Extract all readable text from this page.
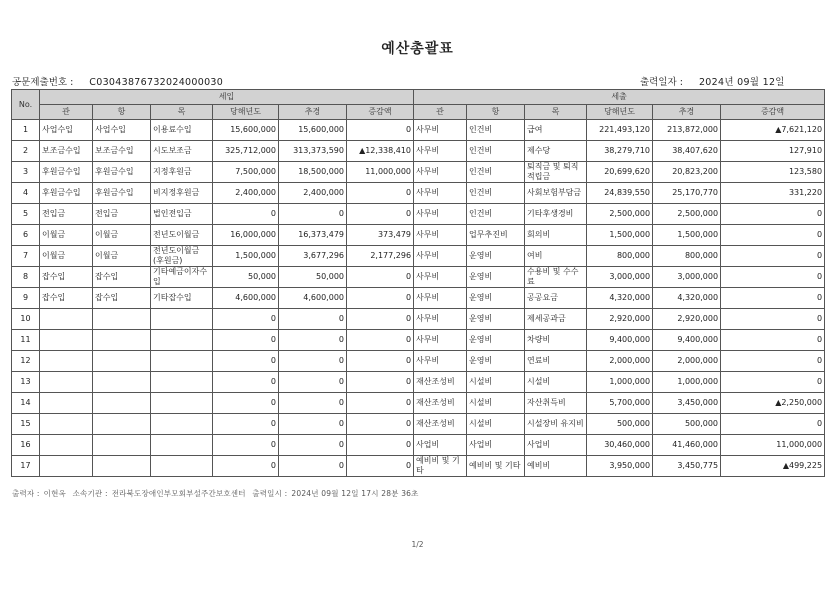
예산총괄표
공문제출번호 : C03043876732024000030	출력일자 : 2024년 09월 12일
No.	세입						세출					
	관	항	목	당해년도	추경	증감액	관	항	목	당해년도	추경	증감액
1	사업수입	사업수입	이용료수입	15,600,000	15,600,000	0	사무비	인건비	급여	221,493,120	213,872,000	▲7,621,120
2	보조금수입	보조금수입	시도보조금	325,712,000	313,373,590	▲12,338,410	사무비	인건비	제수당	38,279,710	38,407,620	127,910
3	후원금수입	후원금수입	지정후원금	7,500,000	18,500,000	11,000,000	사무비	인건비	퇴직금 및 퇴직적립금	20,699,620	20,823,200	123,580
4	후원금수입	후원금수입	비지정후원금	2,400,000	2,400,000	0	사무비	인건비	사회보험부담금	24,839,550	25,170,770	331,220
5	전입금	전입금	법인전입금	0	0	0	사무비	인건비	기타후생경비	2,500,000	2,500,000	0
6	이월금	이월금	전년도이월금	16,000,000	16,373,479	373,479	사무비	업무추진비	회의비	1,500,000	1,500,000	0
7	이월금	이월금	전년도이월금(후원금)	1,500,000	3,677,296	2,177,296	사무비	운영비	여비	800,000	800,000	0
8	잡수입	잡수입	기타예금이자수입	50,000	50,000	0	사무비	운영비	수용비 및 수수료	3,000,000	3,000,000	0
9	잡수입	잡수입	기타잡수입	4,600,000	4,600,000	0	사무비	운영비	공공요금	4,320,000	4,320,000	0
10				0	0	0	사무비	운영비	제세공과금	2,920,000	2,920,000	0
11				0	0	0	사무비	운영비	차량비	9,400,000	9,400,000	0
12				0	0	0	사무비	운영비	연료비	2,000,000	2,000,000	0
13				0	0	0	재산조성비	시설비	시설비	1,000,000	1,000,000	0
14				0	0	0	재산조성비	시설비	자산취득비	5,700,000	3,450,000	▲2,250,000
15				0	0	0	재산조성비	시설비	시설장비 유지비	500,000	500,000	0
16				0	0	0	사업비	사업비	사업비	30,460,000	41,460,000	11,000,000
17				0	0	0	예비비 및 기타	예비비 및 기타	예비비	3,950,000	3,450,775	▲499,225
출력자 : 이현옥 소속기관 : 전라북도장애인부모회부설주간보호센터 출력일시 : 2024년 09월 12일 17시 28분 36초
1/2
